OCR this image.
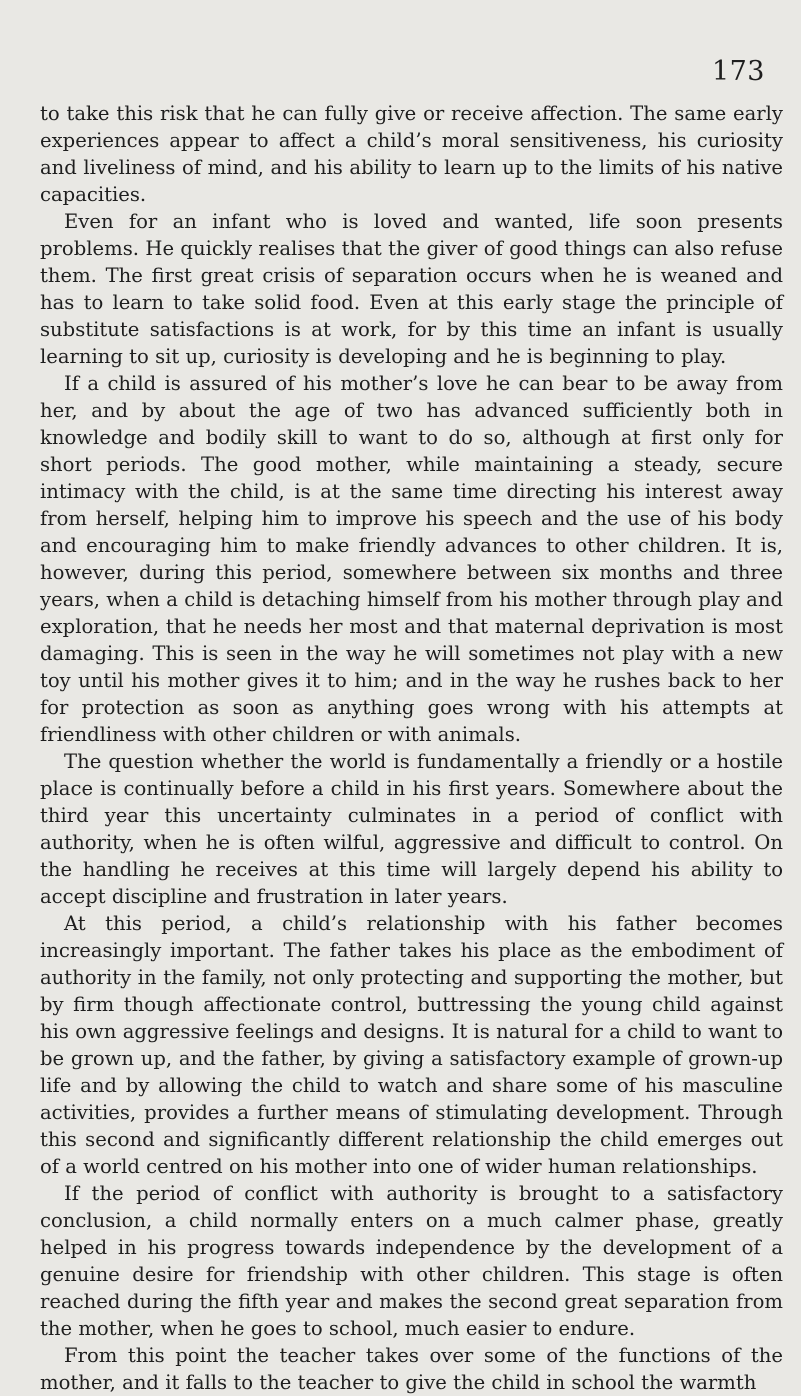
173

to take this risk that he can fully give or receive affection. The same early experiences appear to affect a child’s moral sensitiveness, his curiosity and liveliness of mind, and his ability to learn up to the limits of his native capacities.

Even for an infant who is loved and wanted, life soon presents problems. He quickly realises that the giver of good things can also refuse them. The first great crisis of separation occurs when he is weaned and has to learn to take solid food. Even at this early stage the principle of substitute satisfactions is at work, for by this time an infant is usually learning to sit up, curiosity is developing and he is beginning to play.

If a child is assured of his mother’s love he can bear to be away from her, and by about the age of two has advanced sufficiently both in knowledge and bodily skill to want to do so, although at first only for short periods. The good mother, while maintaining a steady, secure intimacy with the child, is at the same time directing his interest away from herself, helping him to improve his speech and the use of his body and encouraging him to make friendly advances to other children. It is, however, during this period, somewhere between six months and three years, when a child is detaching himself from his mother through play and exploration, that he needs her most and that maternal deprivation is most damaging. This is seen in the way he will sometimes not play with a new toy until his mother gives it to him; and in the way he rushes back to her for protection as soon as anything goes wrong with his attempts at friendliness with other children or with animals.

The question whether the world is fundamentally a friendly or a hostile place is continually before a child in his first years. Somewhere about the third year this uncertainty culminates in a period of conflict with authority, when he is often wilful, aggressive and difficult to control. On the handling he receives at this time will largely depend his ability to accept discipline and frustration in later years.

At this period, a child’s relationship with his father becomes increasingly important. The father takes his place as the embodiment of authority in the family, not only protecting and supporting the mother, but by firm though affectionate control, buttressing the young child against his own aggressive feelings and designs. It is natural for a child to want to be grown up, and the father, by giving a satisfactory example of grown-up life and by allowing the child to watch and share some of his masculine activities, provides a further means of stimulating development. Through this second and significantly different relationship the child emerges out of a world centred on his mother into one of wider human relationships.

If the period of conflict with authority is brought to a satisfactory conclusion, a child normally enters on a much calmer phase, greatly helped in his progress towards independence by the development of a genuine desire for friendship with other children. This stage is often reached during the fifth year and makes the second great separation from the mother, when he goes to school, much easier to endure.

From this point the teacher takes over some of the functions of the mother, and it falls to the teacher to give the child in school the warmth
